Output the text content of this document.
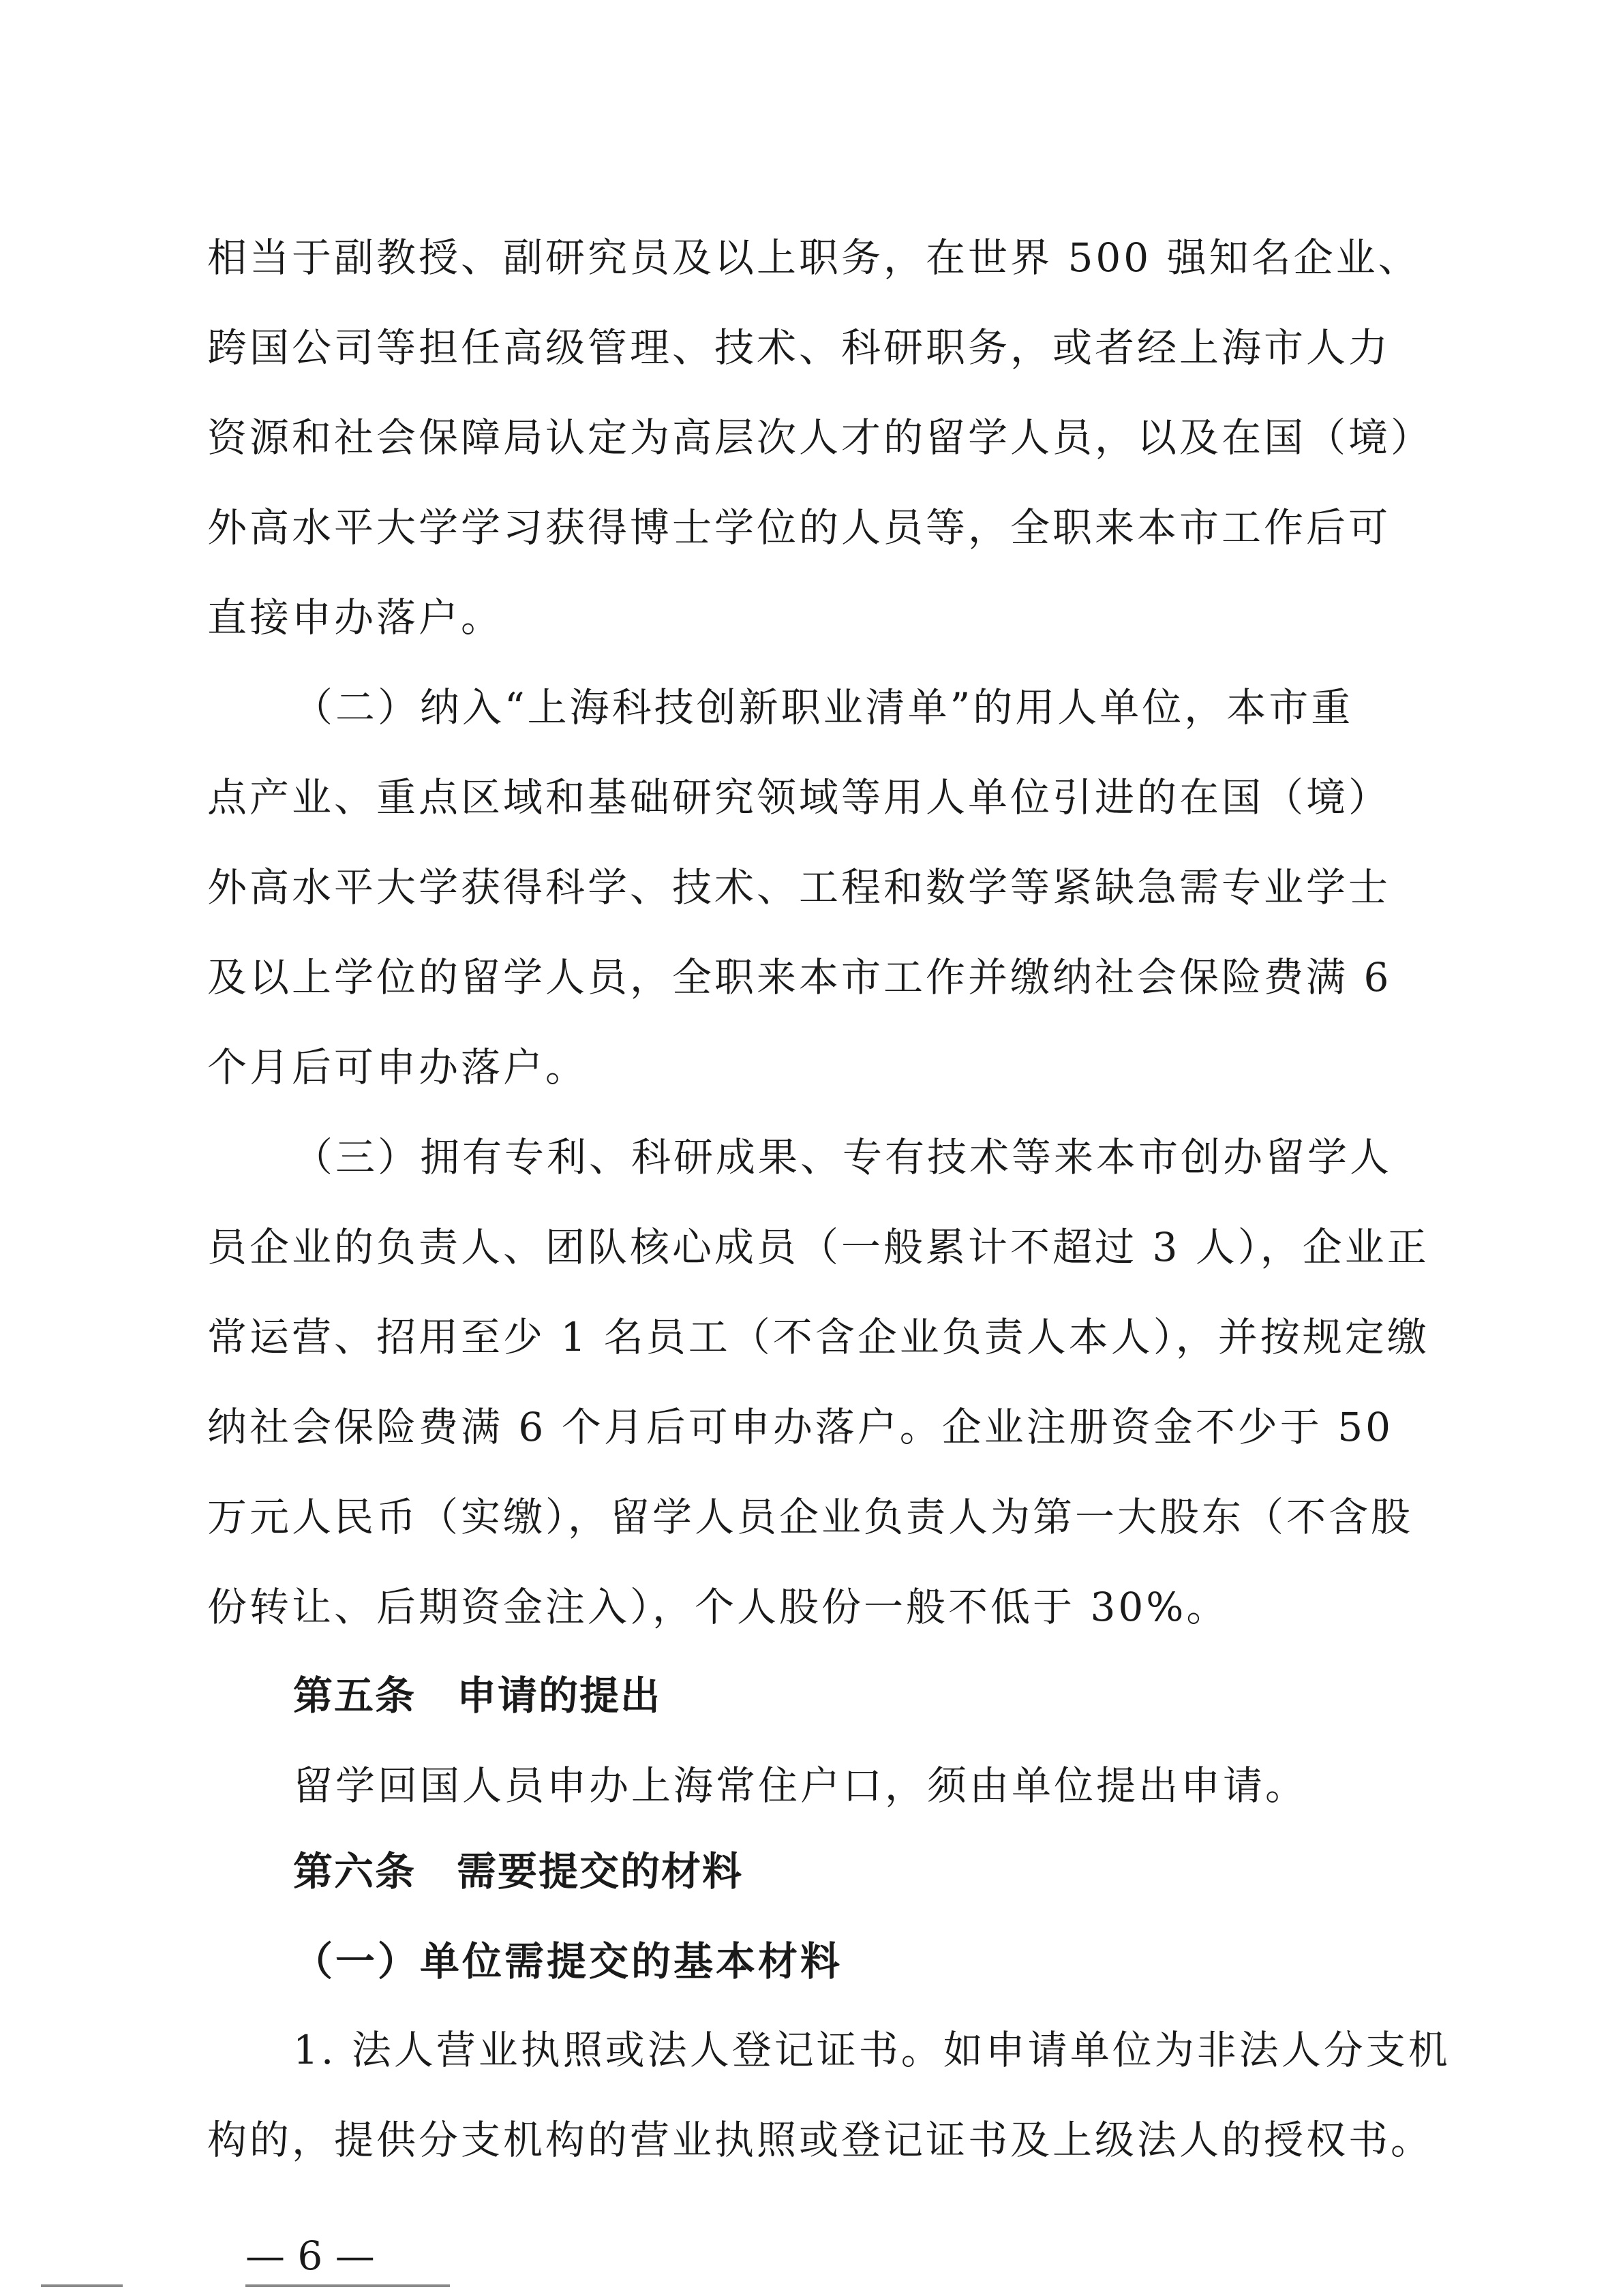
相当于副教授、副研究员及以上职务，在世界 500 强知名企业、
跨国公司等担任高级管理、技术、科研职务，或者经上海市人力
资源和社会保障局认定为高层次人才的留学人员，以及在国（境）
外高水平大学学习获得博士学位的人员等，全职来本市工作后可
直接申办落户。
（二）纳入“上海科技创新职业清单”的用人单位，本市重
点产业、重点区域和基础研究领域等用人单位引进的在国（境）
外高水平大学获得科学、技术、工程和数学等紧缺急需专业学士
及以上学位的留学人员，全职来本市工作并缴纳社会保险费满 6
个月后可申办落户。
（三）拥有专利、科研成果、专有技术等来本市创办留学人
员企业的负责人、团队核心成员（一般累计不超过 3 人），企业正
常运营、招用至少 1 名员工（不含企业负责人本人），并按规定缴
纳社会保险费满 6 个月后可申办落户。企业注册资金不少于 50
万元人民币（实缴），留学人员企业负责人为第一大股东（不含股
份转让、后期资金注入），个人股份一般不低于 30%。
第五条　申请的提出
留学回国人员申办上海常住户口，须由单位提出申请。
第六条　需要提交的材料
（一）单位需提交的基本材料
1. 法人营业执照或法人登记证书。如申请单位为非法人分支机
构的，提供分支机构的营业执照或登记证书及上级法人的授权书。
— 6 —
